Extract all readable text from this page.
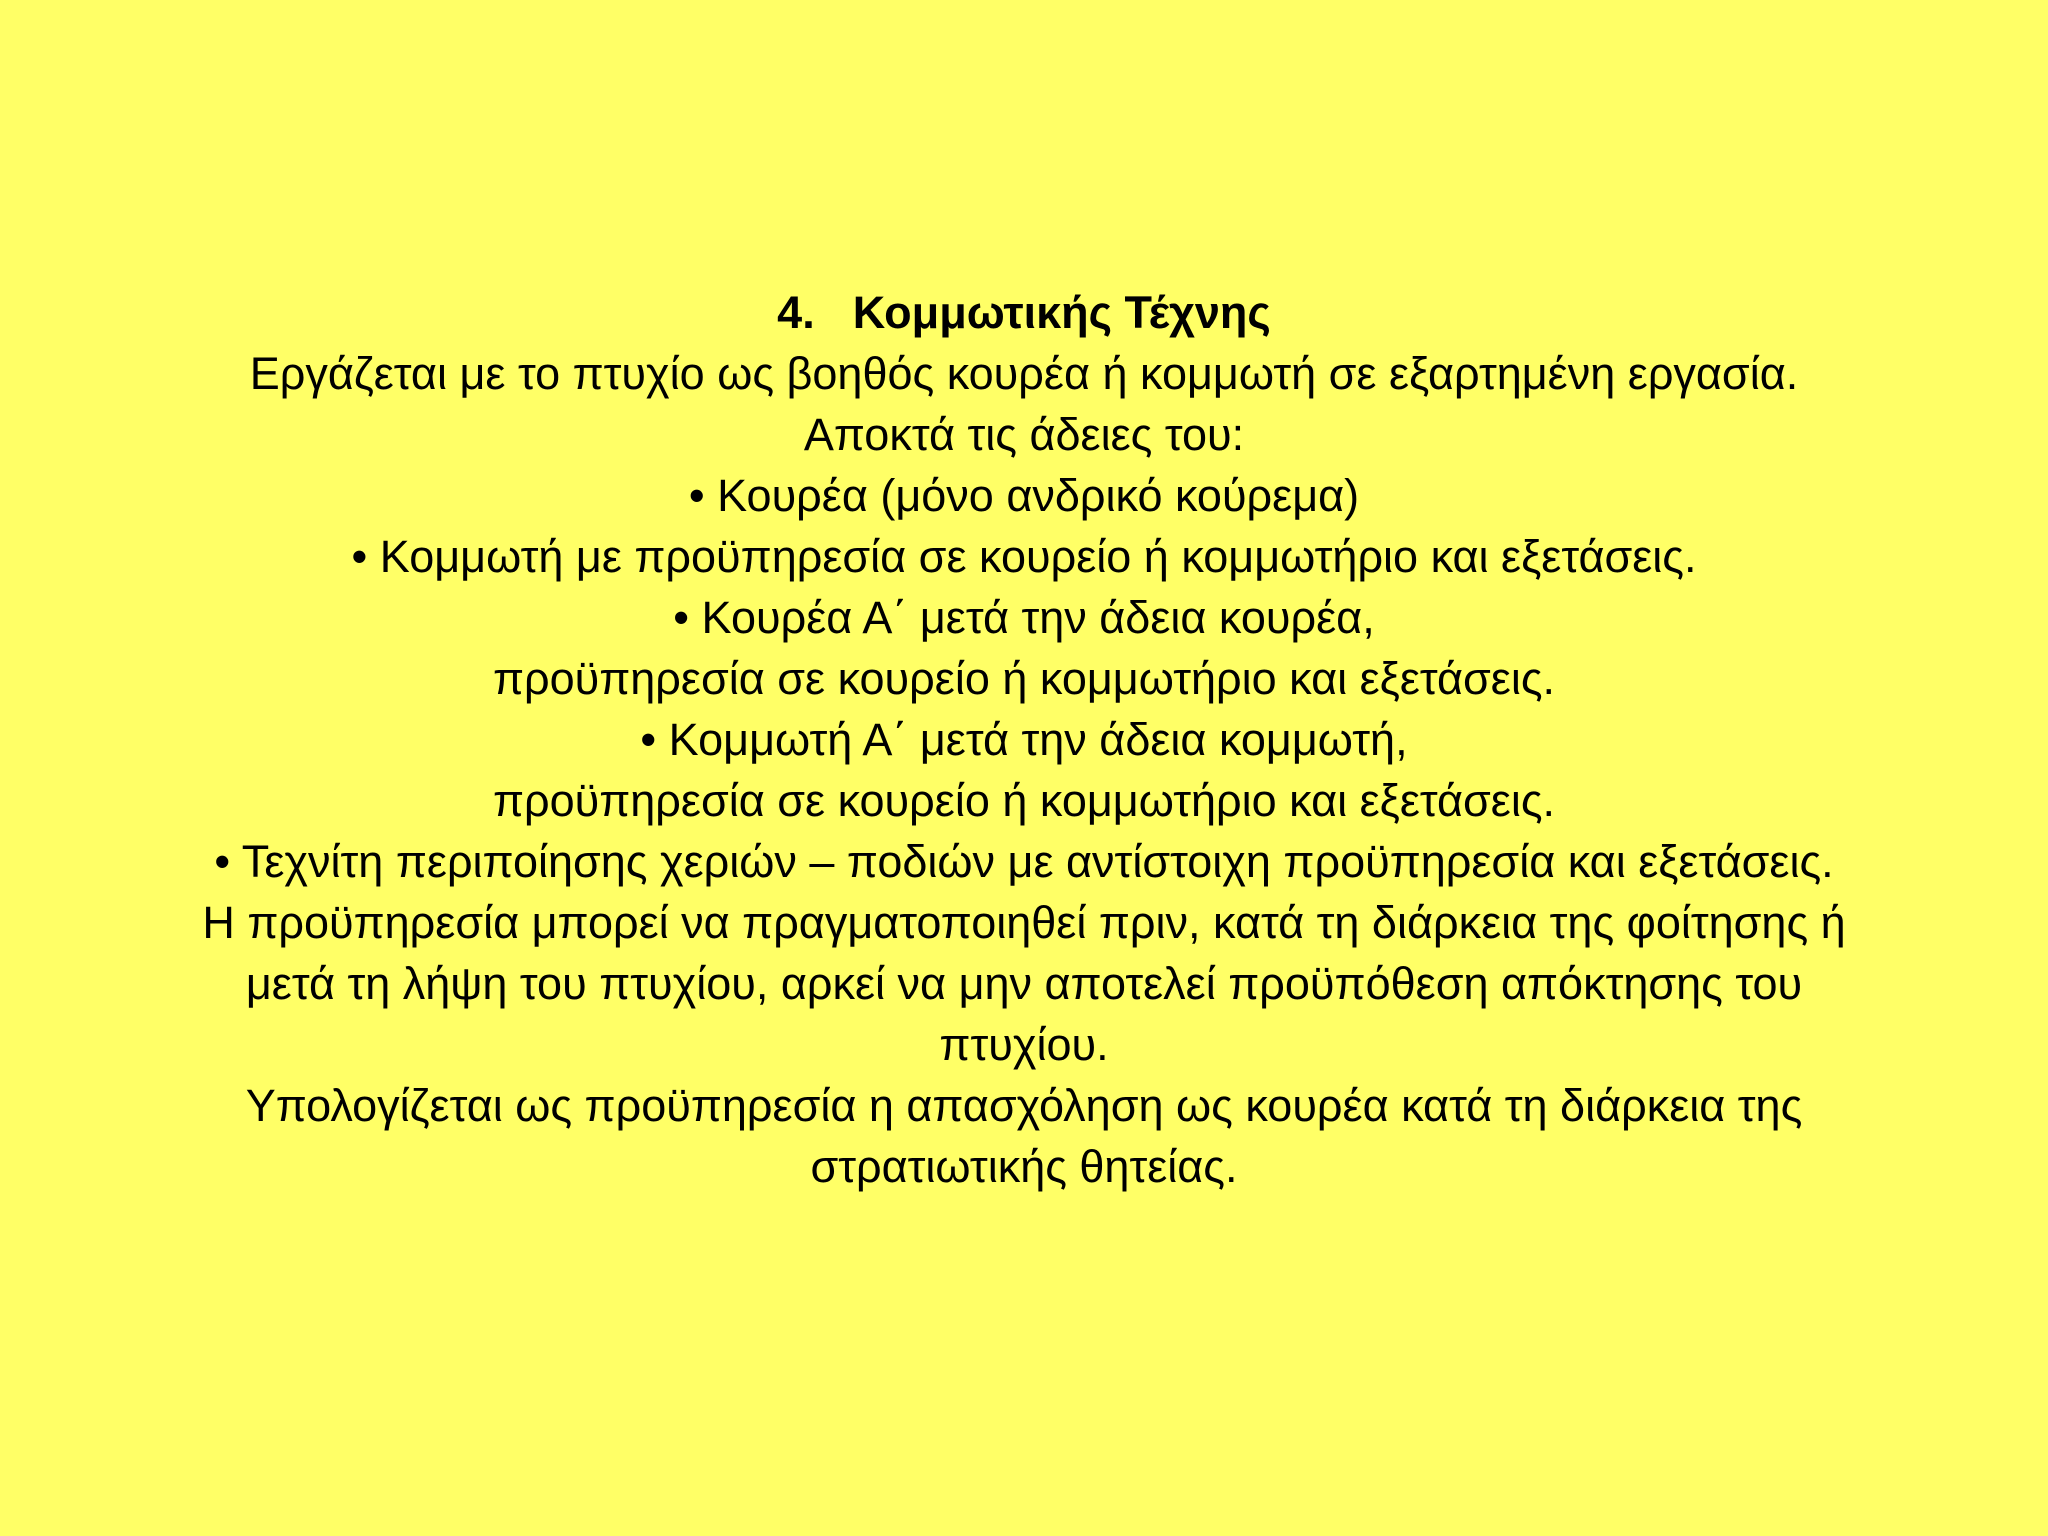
4. Κομμωτικής Τέχνης
Εργάζεται με το πτυχίο ως βοηθός κουρέα ή κομμωτή σε εξαρτημένη εργασία.
Αποκτά τις άδειες του:
• Κουρέα (μόνο ανδρικό κούρεμα)
• Κομμωτή με προϋπηρεσία σε κουρείο ή κομμωτήριο και εξετάσεις.
• Κουρέα Α΄ μετά την άδεια κουρέα,
προϋπηρεσία σε κουρείο ή κομμωτήριο και εξετάσεις.
• Κομμωτή Α΄ μετά την άδεια κομμωτή,
προϋπηρεσία σε κουρείο ή κομμωτήριο και εξετάσεις.
• Τεχνίτη περιποίησης χεριών – ποδιών με αντίστοιχη προϋπηρεσία και εξετάσεις.
Η προϋπηρεσία μπορεί να πραγματοποιηθεί πριν, κατά τη διάρκεια της φοίτησης ή
μετά τη λήψη του πτυχίου, αρκεί να μην αποτελεί προϋπόθεση απόκτησης του
πτυχίου.
Υπολογίζεται ως προϋπηρεσία η απασχόληση ως κουρέα κατά τη διάρκεια της
στρατιωτικής θητείας.
